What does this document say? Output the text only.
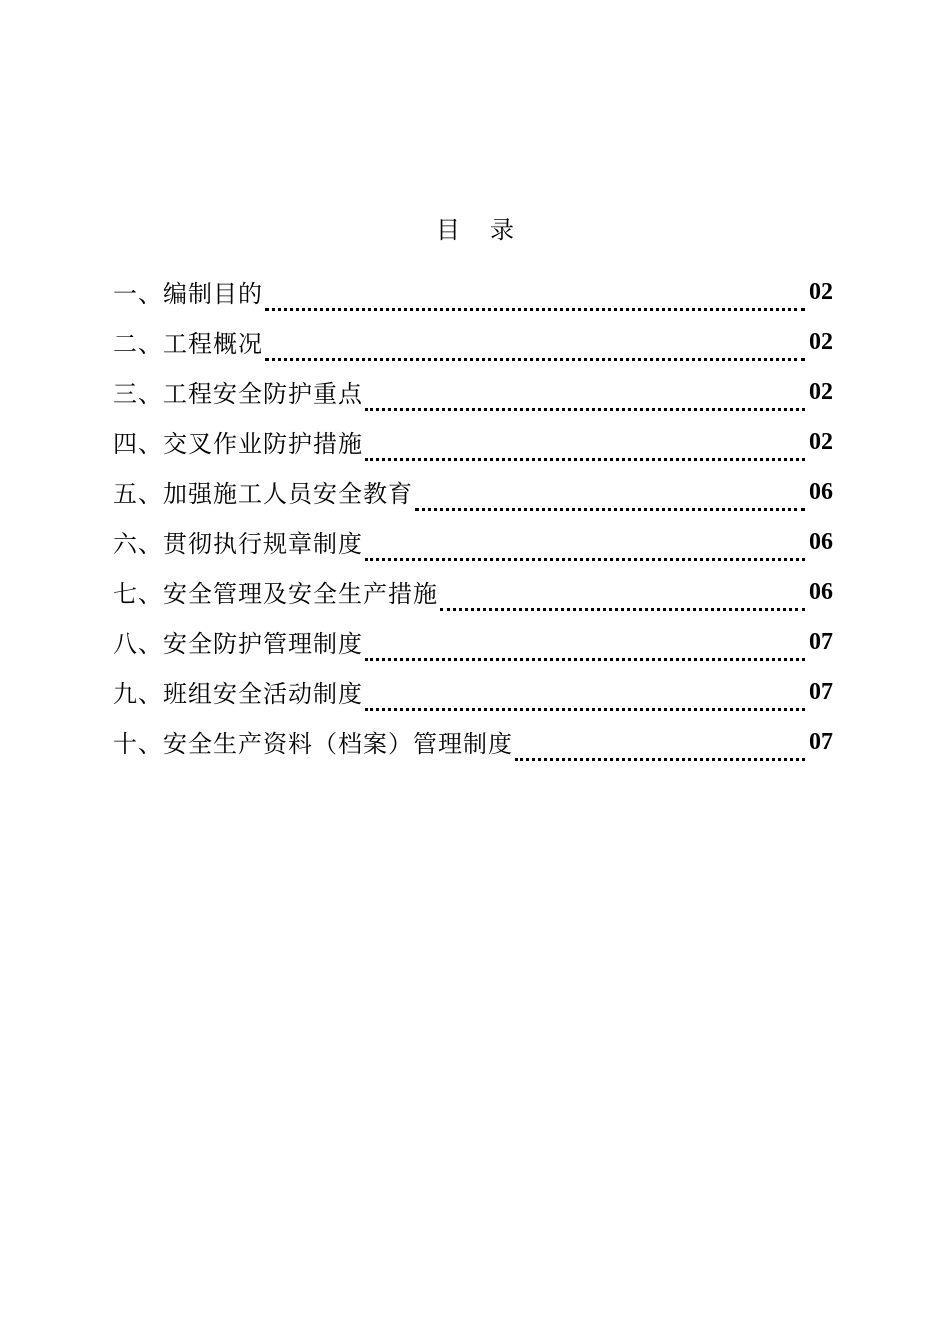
目录
一、编制目的	02
二、工程概况	02
三、工程安全防护重点	02
四、交叉作业防护措施	02
五、加强施工人员安全教育	06
六、贯彻执行规章制度	06
七、安全管理及安全生产措施	06
八、安全防护管理制度	07
九、班组安全活动制度	07
十、安全生产资料（档案）管理制度	07
